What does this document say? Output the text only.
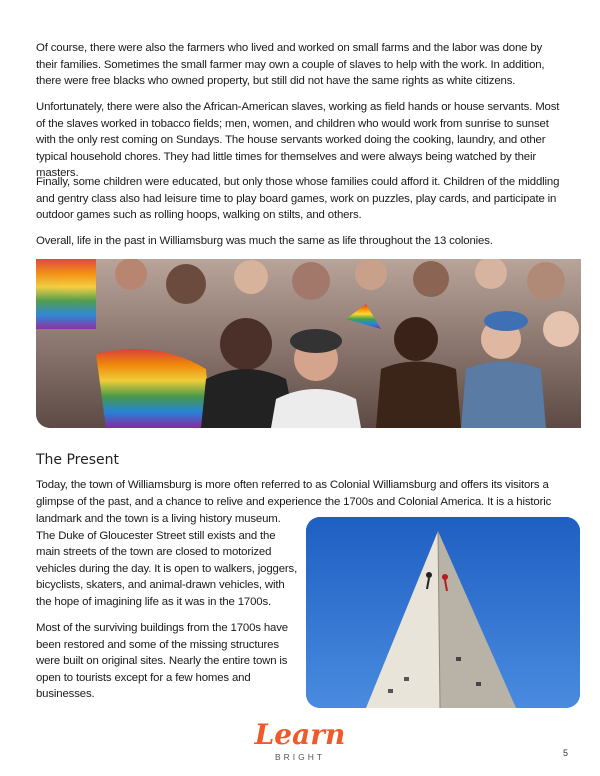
Of course, there were also the farmers who lived and worked on small farms and the labor was done by their families. Sometimes the small farmer may own a couple of slaves to help with the work. In addition, there were free blacks who owned property, but still did not have the same rights as white citizens.

Unfortunately, there were also the African-American slaves, working as field hands or house servants. Most of the slaves worked in tobacco fields; men, women, and children who would work from sunrise to sunset with the only rest coming on Sundays. The house servants worked doing the cooking, laundry, and other typical household chores. They had little times for themselves and were always being watched by their masters.

Finally, some children were educated, but only those whose families could afford it. Children of the middling and gentry class also had leisure time to play board games, work on puzzles, play cards, and participate in outdoor games such as rolling hoops, walking on stilts, and others.

Overall, life in the past in Williamsburg was much the same as life throughout the 13 colonies.

The Present

Today, the town of Williamsburg is more often referred to as Colonial Williamsburg and offers its visitors a glimpse of the past, and a chance to relive and experience the 1700s and Colonial America. It is a historic

landmark and the town is a living history museum. The Duke of Gloucester Street still exists and the main streets of the town are closed to motorized vehicles during the day. It is open to walkers, joggers, bicyclists, skaters, and animal-drawn vehicles, with the hope of imagining life as it was in the 1700s.

Most of the surviving buildings from the 1700s have been restored and some of the missing structures were built on original sites. Nearly the entire town is open to tourists except for a few homes and businesses.

Learn
BRIGHT	5
